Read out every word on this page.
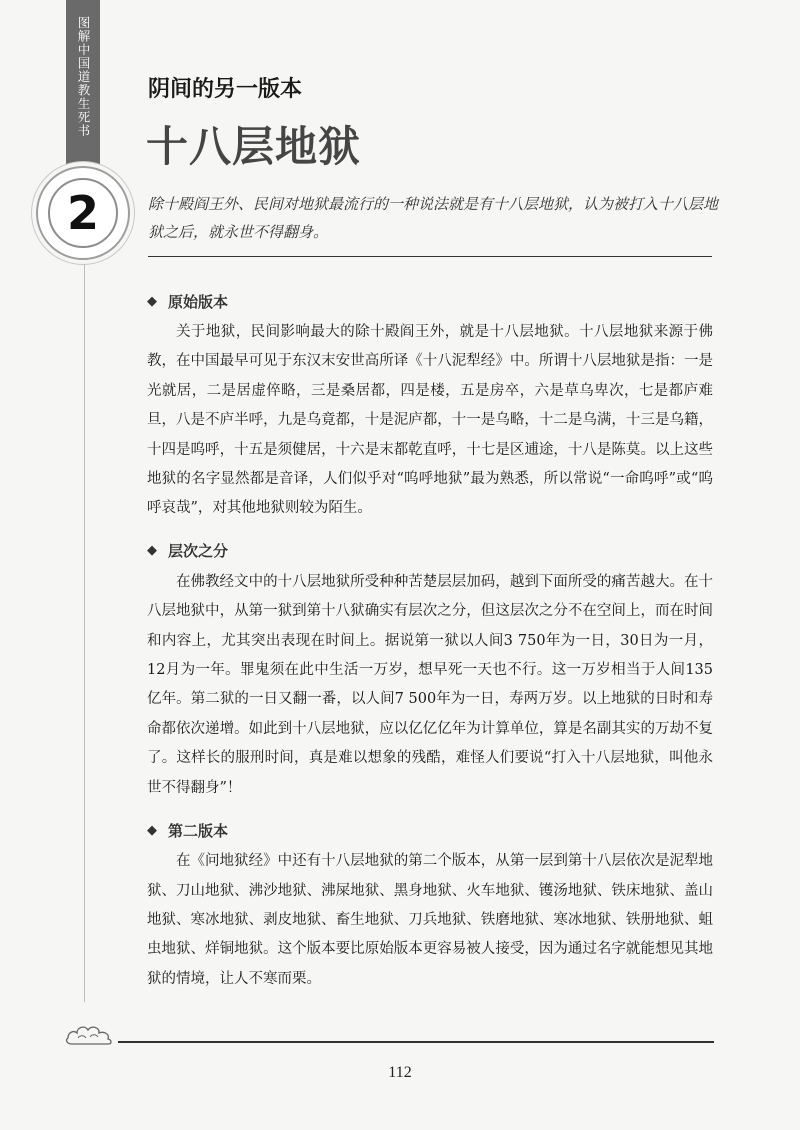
图解中国道教生死书
2
阴间的另一版本
十八层地狱
除十殿阎王外、民间对地狱最流行的一种说法就是有十八层地狱，认为被打入十八层地狱之后，就永世不得翻身。
◆ 原始版本

关于地狱，民间影响最大的除十殿阎王外，就是十八层地狱。十八层地狱来源于佛教，在中国最早可见于东汉末安世高所译《十八泥犁经》中。所谓十八层地狱是指：一是光就居，二是居虚倅略，三是桑居都，四是楼，五是房卒，六是草乌卑次，七是都庐难旦，八是不庐半呼，九是乌竟都，十是泥庐都，十一是乌略，十二是乌满，十三是乌籍，十四是呜呼，十五是须健居，十六是末都乾直呼，十七是区逋途，十八是陈莫。以上这些地狱的名字显然都是音译，人们似乎对“呜呼地狱”最为熟悉，所以常说“一命呜呼”或“呜呼哀哉”，对其他地狱则较为陌生。

◆ 层次之分

在佛教经文中的十八层地狱所受种种苦楚层层加码，越到下面所受的痛苦越大。在十八层地狱中，从第一狱到第十八狱确实有层次之分，但这层次之分不在空间上，而在时间和内容上，尤其突出表现在时间上。据说第一狱以人间3 750年为一日，30日为一月，12月为一年。罪鬼须在此中生活一万岁，想早死一天也不行。这一万岁相当于人间135亿年。第二狱的一日又翻一番，以人间7 500年为一日，寿两万岁。以上地狱的日时和寿命都依次递增。如此到十八层地狱，应以亿亿亿年为计算单位，算是名副其实的万劫不复了。这样长的服刑时间，真是难以想象的残酷，难怪人们要说“打入十八层地狱，叫他永世不得翻身”！

◆ 第二版本

在《问地狱经》中还有十八层地狱的第二个版本，从第一层到第十八层依次是泥犁地狱、刀山地狱、沸沙地狱、沸屎地狱、黑身地狱、火车地狱、镬汤地狱、铁床地狱、盖山地狱、寒冰地狱、剥皮地狱、畜生地狱、刀兵地狱、铁磨地狱、寒冰地狱、铁册地狱、蛆虫地狱、烊铜地狱。这个版本要比原始版本更容易被人接受，因为通过名字就能想见其地狱的情境，让人不寒而栗。

112
